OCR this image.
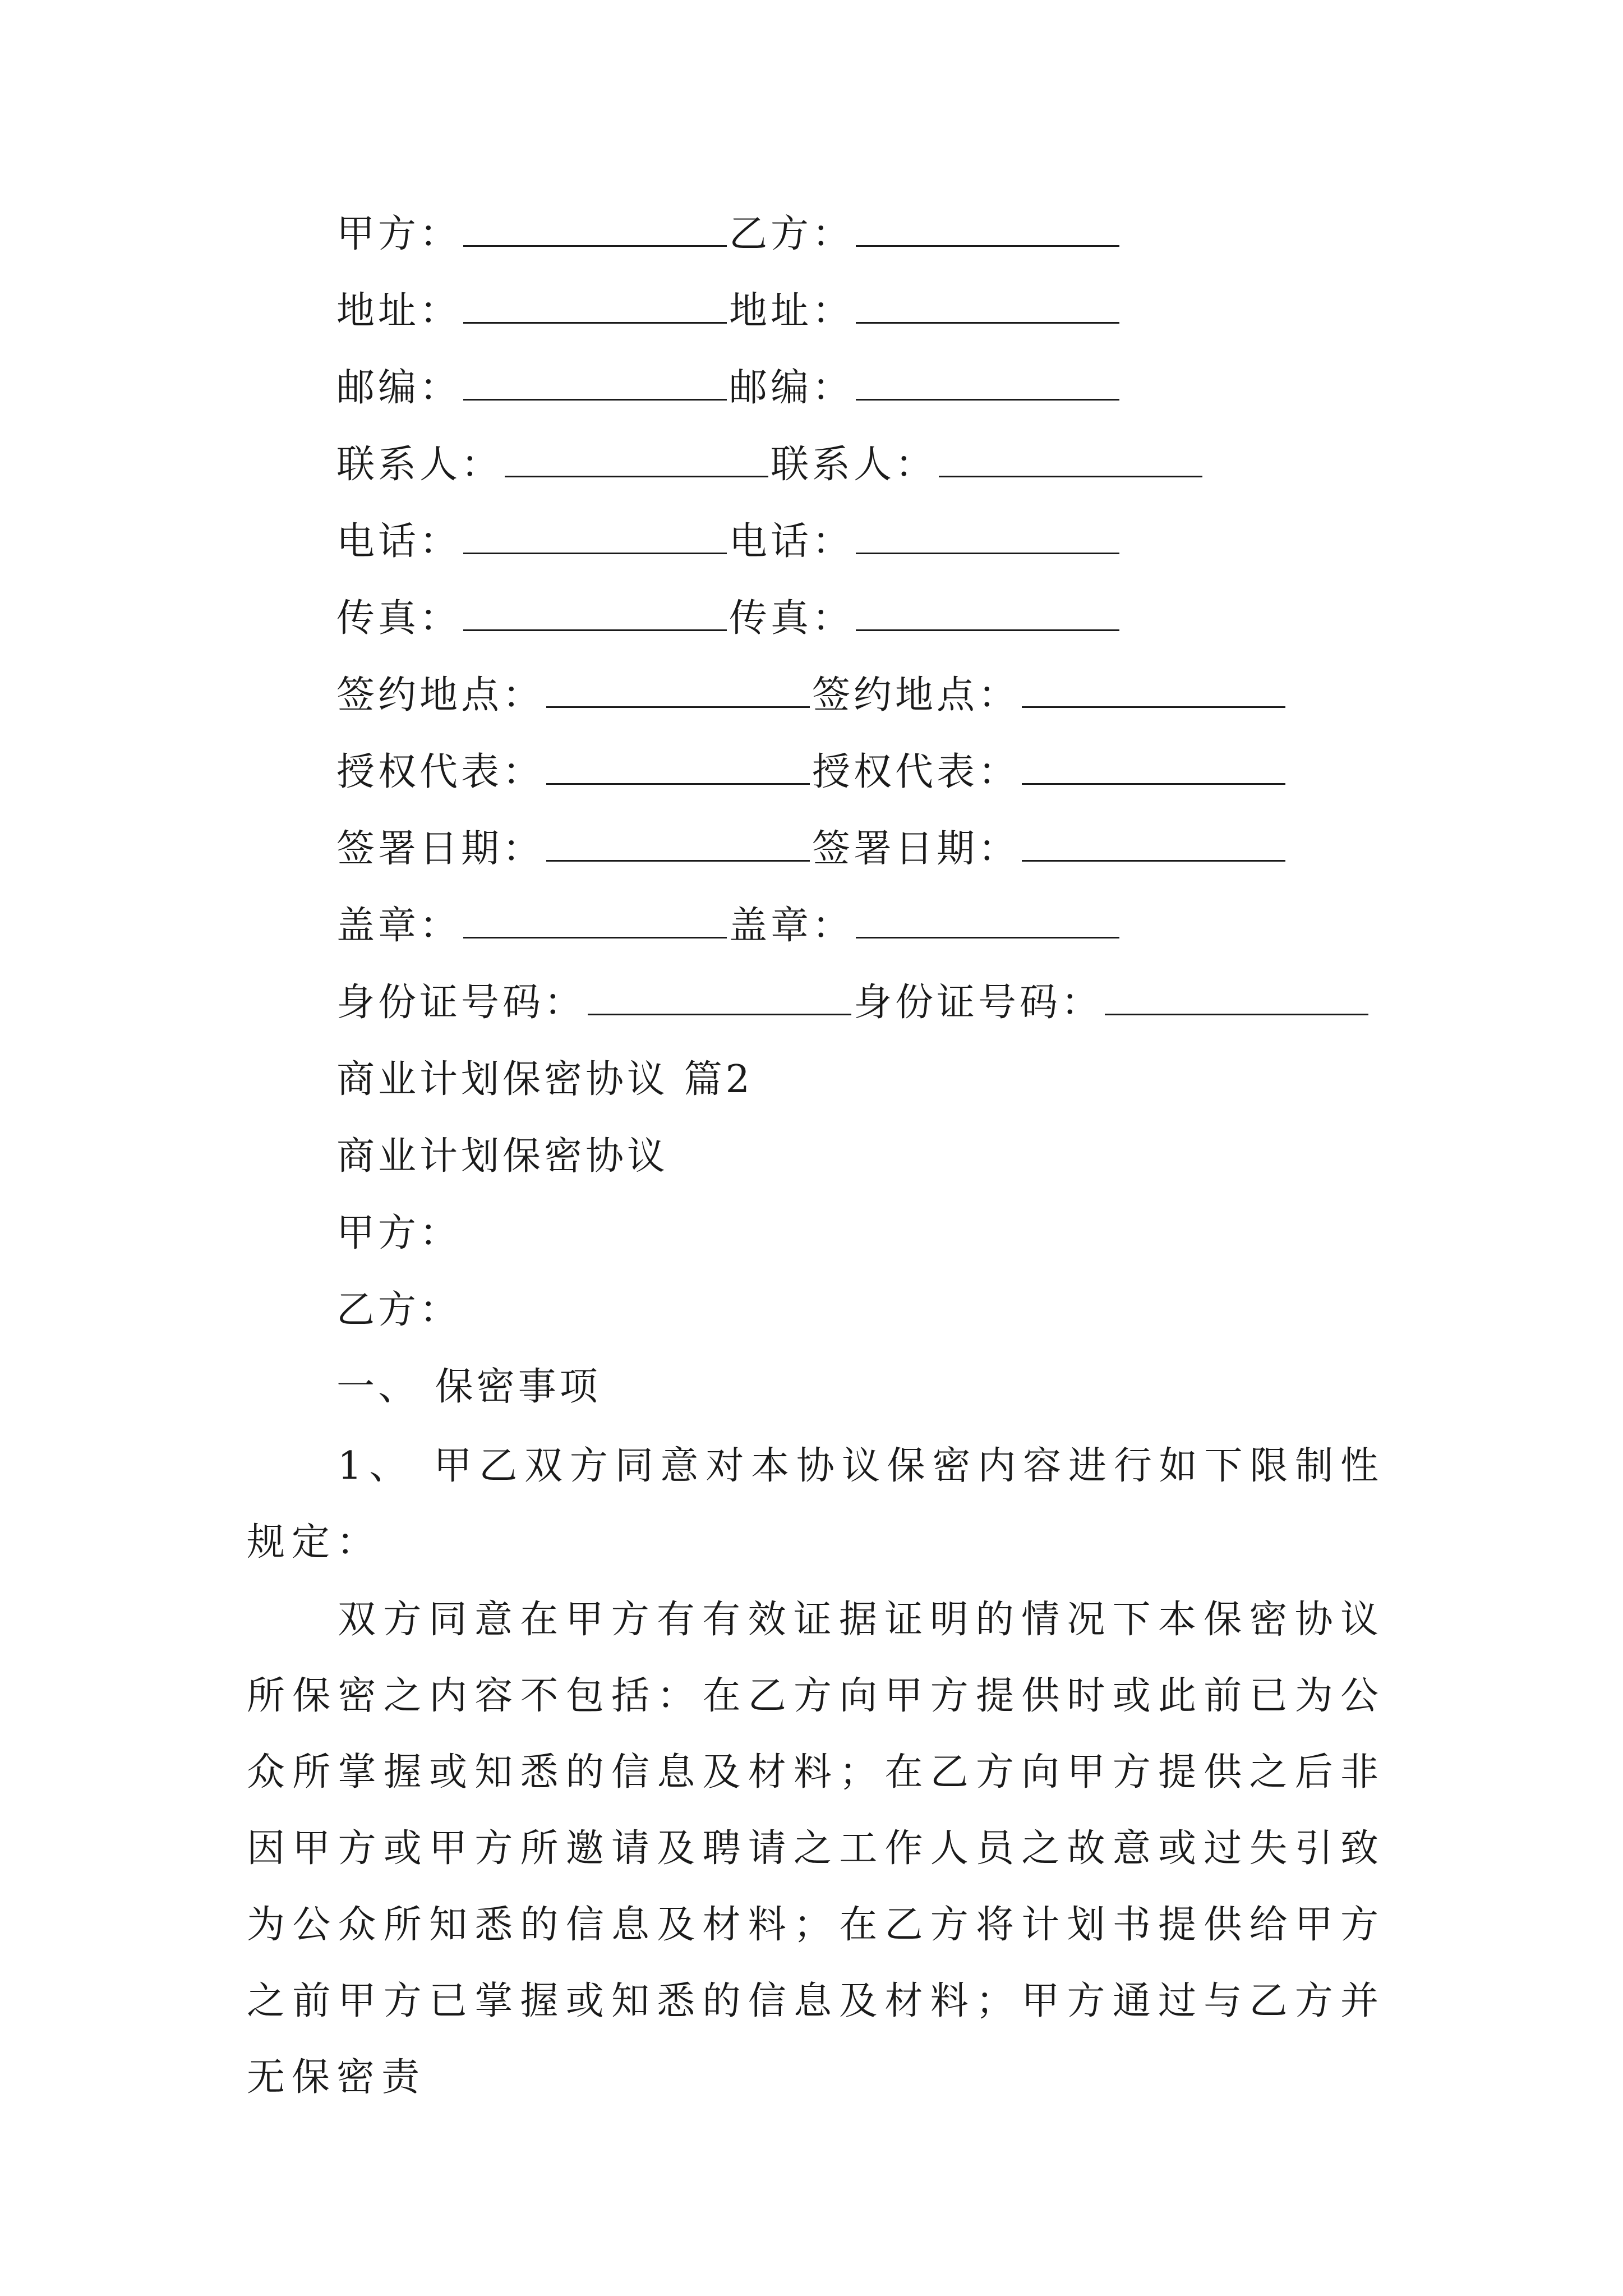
甲方：	乙方：
地址：	地址：
邮编：	邮编：
联系人：	联系人：
电话：	电话：
传真：	传真：
签约地点：	签约地点：
授权代表：	授权代表：
签署日期：	签署日期：
盖章：	盖章：
身份证号码：	身份证号码：
商业计划保密协议 篇2
商业计划保密协议
甲方：
乙方：
一、 保密事项
1、 甲乙双方同意对本协议保密内容进行如下限制性规定：
双方同意在甲方有有效证据证明的情况下本保密协议所保密之内容不包括：在乙方向甲方提供时或此前已为公众所掌握或知悉的信息及材料；在乙方向甲方提供之后非因甲方或甲方所邀请及聘请之工作人员之故意或过失引致为公众所知悉的信息及材料；在乙方将计划书提供给甲方之前甲方已掌握或知悉的信息及材料；甲方通过与乙方并无保密责
